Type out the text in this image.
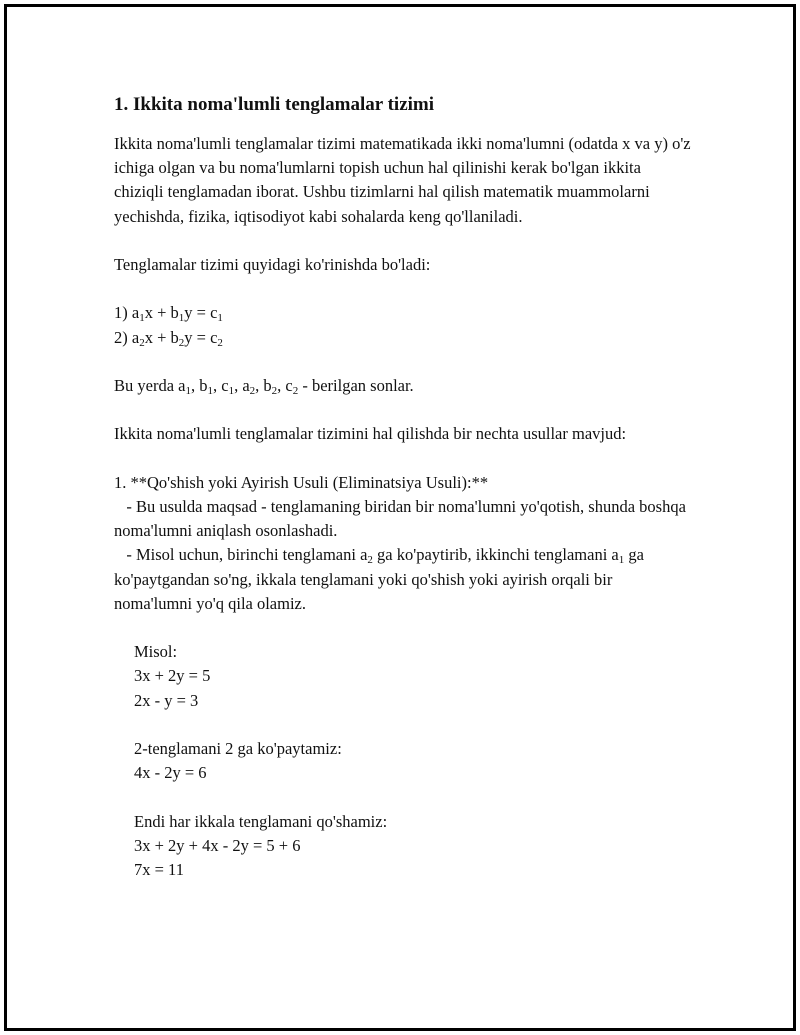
1. Ikkita noma'lumli tenglamalar tizimi

Ikkita noma'lumli tenglamalar tizimi matematikada ikki noma'lumni (odatda x va y) o'z ichiga olgan va bu noma'lumlarni topish uchun hal qilinishi kerak bo'lgan ikkita chiziqli tenglamadan iborat. Ushbu tizimlarni hal qilish matematik muammolarni yechishda, fizika, iqtisodiyot kabi sohalarda keng qo'llaniladi.

Tenglamalar tizimi quyidagi ko'rinishda bo'ladi:

1) $a_1x + b_1y = c_1$

2) $a_2x + b_2y = c_2$

Bu yerda $a_1$, $b_1$, $c_1$, $a_2$, $b_2$, $c_2$ - berilgan sonlar.

Ikkita noma'lumli tenglamalar tizimini hal qilishda bir nechta usullar mavjud:

1. **Qo'shish yoki Ayirish Usuli (Eliminatsiya Usuli):**

- Bu usulda maqsad - tenglamaning biridan bir noma'lumni yo'qotish, shunda boshqa noma'lumni aniqlash osonlashadi.

- Misol uchun, birinchi tenglamani $a_2$ ga ko'paytirib, ikkinchi tenglamani $a_1$ ga ko'paytgandan so'ng, ikkala tenglamani yoki qo'shish yoki ayirish orqali bir noma'lumni yo'q qila olamiz.

Misol:

3x + 2y = 5

2x - y = 3

2-tenglamani 2 ga ko'paytamiz:

4x - 2y = 6

Endi har ikkala tenglamani qo'shamiz:

3x + 2y + 4x - 2y = 5 + 6

7x = 11
